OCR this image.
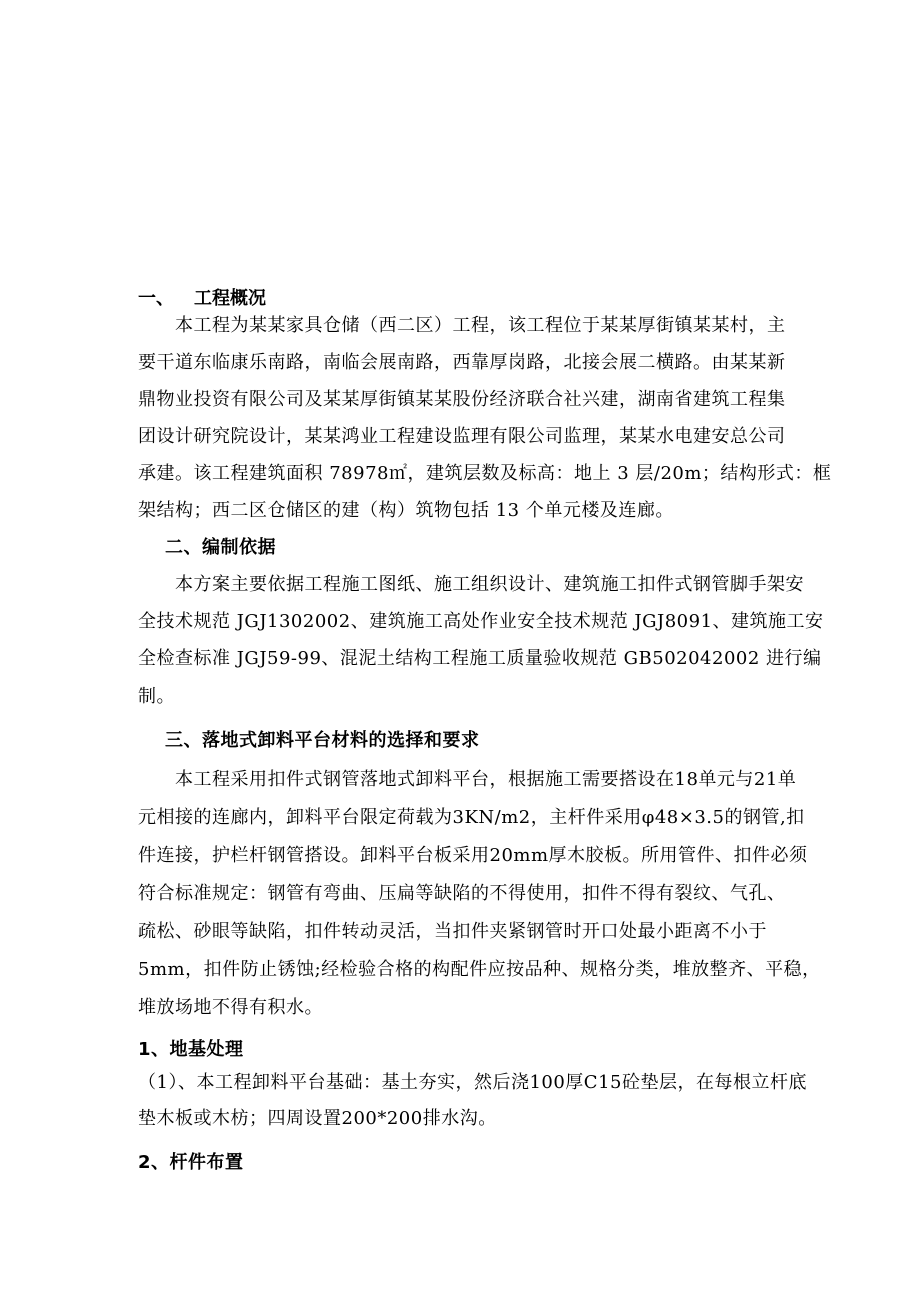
一、 工程概况
本工程为某某家具仓储（西二区）工程，该工程位于某某厚街镇某某村，主
要干道东临康乐南路，南临会展南路，西靠厚岗路，北接会展二横路。由某某新
鼎物业投资有限公司及某某厚街镇某某股份经济联合社兴建，湖南省建筑工程集
团设计研究院设计，某某鸿业工程建设监理有限公司监理，某某水电建安总公司
承建。该工程建筑面积 78978㎡，建筑层数及标高：地上 3 层/20m；结构形式：框
架结构；西二区仓储区的建（构）筑物包括 13 个单元楼及连廊。
二、编制依据
本方案主要依据工程施工图纸、施工组织设计、建筑施工扣件式钢管脚手架安
全技术规范 JGJ1302002、建筑施工高处作业安全技术规范 JGJ8091、建筑施工安
全检查标准 JGJ59-99、混泥土结构工程施工质量验收规范 GB502042002 进行编
制。
三、落地式卸料平台材料的选择和要求
本工程采用扣件式钢管落地式卸料平台，根据施工需要搭设在18单元与21单
元相接的连廊内，卸料平台限定荷载为3KN/m2，主杆件采用φ48×3.5的钢管,扣
件连接，护栏杆钢管搭设。卸料平台板采用20mm厚木胶板。所用管件、扣件必须
符合标准规定：钢管有弯曲、压扁等缺陷的不得使用，扣件不得有裂纹、气孔、
疏松、砂眼等缺陷，扣件转动灵活，当扣件夹紧钢管时开口处最小距离不小于
5mm，扣件防止锈蚀;经检验合格的构配件应按品种、规格分类，堆放整齐、平稳，
堆放场地不得有积水。
1、地基处理
（1）、本工程卸料平台基础：基土夯实，然后浇100厚C15砼垫层，在每根立杆底
垫木板或木枋；四周设置200*200排水沟。
2、杆件布置
